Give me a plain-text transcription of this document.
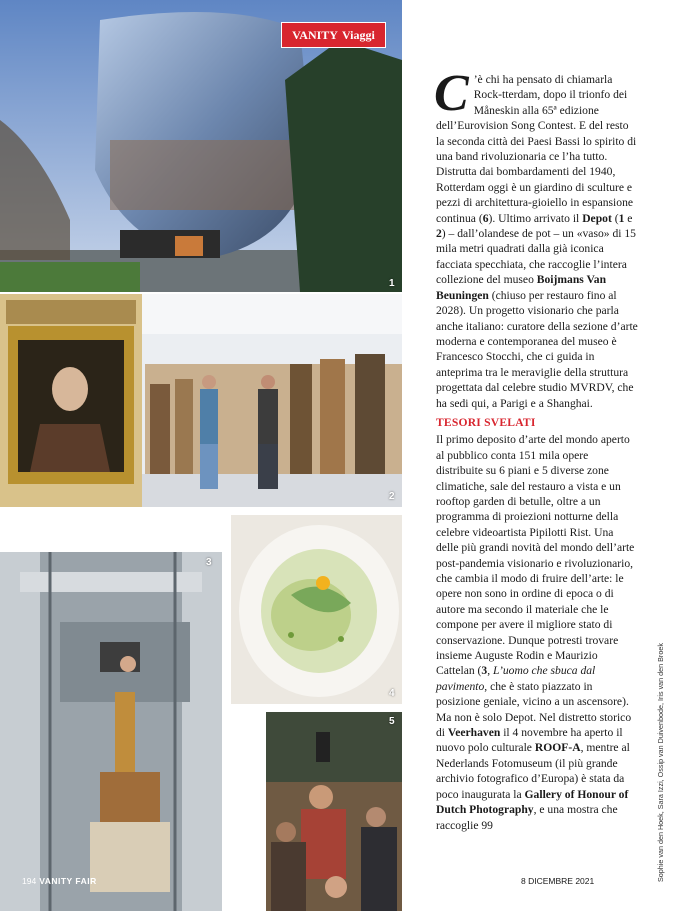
1
VANITY Viaggi
2
3
4
5

C ’è chi ha pensato di chiamarla Rock-tterdam, dopo il trionfo dei Måneskin alla 65ª edizione dell’Eurovision Song Contest. E del resto la seconda città dei Paesi Bassi lo spirito di una band rivoluzionaria ce l’ha tutto. Distrutta dai bombardamenti del 1940, Rotterdam oggi è un giardino di sculture e pezzi di architettura-gioiello in espansione continua (6). Ultimo arrivato il Depot (1 e 2) – dall’olandese de pot – un «vaso» di 15 mila metri quadrati dalla già iconica facciata specchiata, che raccoglie l’intera collezione del museo Boijmans Van Beuningen (chiuso per restauro fino al 2028). Un progetto visionario che parla anche italiano: curatore della sezione d’arte moderna e contemporanea del museo è Francesco Stocchi, che ci guida in anteprima tra le meraviglie della struttura progettata dal celebre studio MVRDV, che ha sedi qui, a Parigi e a Shanghai.

TESORI SVELATI

Il primo deposito d’arte del mondo aperto al pubblico conta 151 mila opere distribuite su 6 piani e 5 diverse zone climatiche, sale del restauro a vista e un rooftop garden di betulle, oltre a un programma di proiezioni notturne della celebre videoartista Pipilotti Rist. Una delle più grandi novità del mondo dell’arte post-pandemia visionario e rivoluzionario, che cambia il modo di fruire dell’arte: le opere non sono in ordine di epoca o di autore ma secondo il materiale che le compone per avere il migliore stato di conservazione. Dunque potresti trovare insieme Auguste Rodin e Maurizio Cattelan (3, L’uomo che sbuca dal pavimento, che è stato piazzato in posizione geniale, vicino a un ascensore).

Ma non è solo Depot. Nel distretto storico di Veerhaven il 4 novembre ha aperto il nuovo polo culturale ROOF-A, mentre al Nederlands Fotomuseum (il più grande archivio fotografico d’Europa) è stata da poco inaugurata la Gallery of Honour of Dutch Photography, e una mostra che raccoglie 99	Sophie van den Hoek, Sara Izzi, Ossip van Duivenbode, Iris van den Broek
194 VANITY FAIR	8 DICEMBRE 2021
